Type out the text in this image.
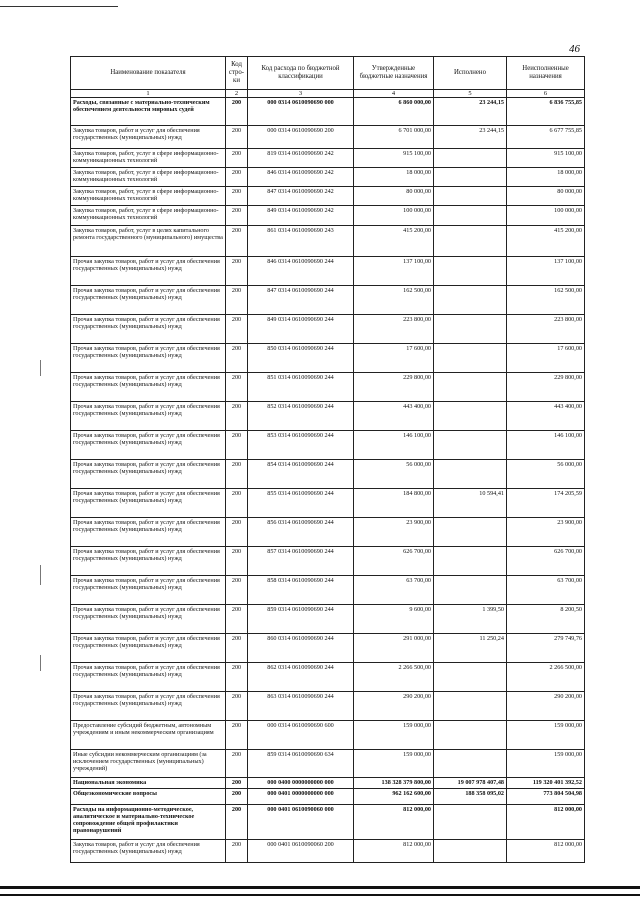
46
Наименование показателя	Код стро-ки	Код расхода по бюджетной классификации	Утвержденные бюджетные назначения	Исполнено	Неисполненные назначения
1	2	3	4	5	6
Расходы, связанные с материально-техническим обеспечением деятельности мировых судей	200	000 0314 0610090690 000	6 860 000,00	23 244,15	6 836 755,85
Закупка товаров, работ и услуг для обеспечения государственных (муниципальных) нужд	200	000 0314 0610090690 200	6 701 000,00	23 244,15	6 677 755,85
Закупка товаров, работ, услуг в сфере информационно-коммуникационных технологий	200	819 0314 0610090690 242	915 100,00		915 100,00
Закупка товаров, работ, услуг в сфере информационно-коммуникационных технологий	200	846 0314 0610090690 242	18 000,00		18 000,00
Закупка товаров, работ, услуг в сфере информационно-коммуникационных технологий	200	847 0314 0610090690 242	80 000,00		80 000,00
Закупка товаров, работ, услуг в сфере информационно-коммуникационных технологий	200	849 0314 0610090690 242	100 000,00		100 000,00
Закупка товаров, работ, услуг в целях капитального ремонта государственного (муниципального) имущества	200	861 0314 0610090690 243	415 200,00		415 200,00
Прочая закупка товаров, работ и услуг для обеспечения государственных (муниципальных) нужд	200	846 0314 0610090690 244	137 100,00		137 100,00
Прочая закупка товаров, работ и услуг для обеспечения государственных (муниципальных) нужд	200	847 0314 0610090690 244	162 500,00		162 500,00
Прочая закупка товаров, работ и услуг для обеспечения государственных (муниципальных) нужд	200	849 0314 0610090690 244	223 800,00		223 800,00
Прочая закупка товаров, работ и услуг для обеспечения государственных (муниципальных) нужд	200	850 0314 0610090690 244	17 600,00		17 600,00
Прочая закупка товаров, работ и услуг для обеспечения государственных (муниципальных) нужд	200	851 0314 0610090690 244	229 800,00		229 800,00
Прочая закупка товаров, работ и услуг для обеспечения государственных (муниципальных) нужд	200	852 0314 0610090690 244	443 400,00		443 400,00
Прочая закупка товаров, работ и услуг для обеспечения государственных (муниципальных) нужд	200	853 0314 0610090690 244	146 100,00		146 100,00
Прочая закупка товаров, работ и услуг для обеспечения государственных (муниципальных) нужд	200	854 0314 0610090690 244	56 000,00		56 000,00
Прочая закупка товаров, работ и услуг для обеспечения государственных (муниципальных) нужд	200	855 0314 0610090690 244	184 800,00	10 594,41	174 205,59
Прочая закупка товаров, работ и услуг для обеспечения государственных (муниципальных) нужд	200	856 0314 0610090690 244	23 900,00		23 900,00
Прочая закупка товаров, работ и услуг для обеспечения государственных (муниципальных) нужд	200	857 0314 0610090690 244	626 700,00		626 700,00
Прочая закупка товаров, работ и услуг для обеспечения государственных (муниципальных) нужд	200	858 0314 0610090690 244	63 700,00		63 700,00
Прочая закупка товаров, работ и услуг для обеспечения государственных (муниципальных) нужд	200	859 0314 0610090690 244	9 600,00	1 399,50	8 200,50
Прочая закупка товаров, работ и услуг для обеспечения государственных (муниципальных) нужд	200	860 0314 0610090690 244	291 000,00	11 250,24	279 749,76
Прочая закупка товаров, работ и услуг для обеспечения государственных (муниципальных) нужд	200	862 0314 0610090690 244	2 266 500,00		2 266 500,00
Прочая закупка товаров, работ и услуг для обеспечения государственных (муниципальных) нужд	200	863 0314 0610090690 244	290 200,00		290 200,00
Предоставление субсидий бюджетным, автономным учреждениям и иным некоммерческим организациям	200	000 0314 0610090690 600	159 000,00		159 000,00
Иные субсидии некоммерческим организациям (за исключением государственных (муниципальных) учреждений)	200	859 0314 0610090690 634	159 000,00		159 000,00
Национальная экономика	200	000 0400 0000000000 000	138 328 379 800,00	19 007 978 407,48	119 320 401 392,52
Общеэкономические вопросы	200	000 0401 0000000000 000	962 162 600,00	188 358 095,02	773 804 504,98
Расходы на информационно-методическое, аналитическое и материально-техническое сопровождение общей профилактики правонарушений	200	000 0401 0610090060 000	812 000,00		812 000,00
Закупка товаров, работ и услуг для обеспечения государственных (муниципальных) нужд	200	000 0401 0610090060 200	812 000,00		812 000,00
